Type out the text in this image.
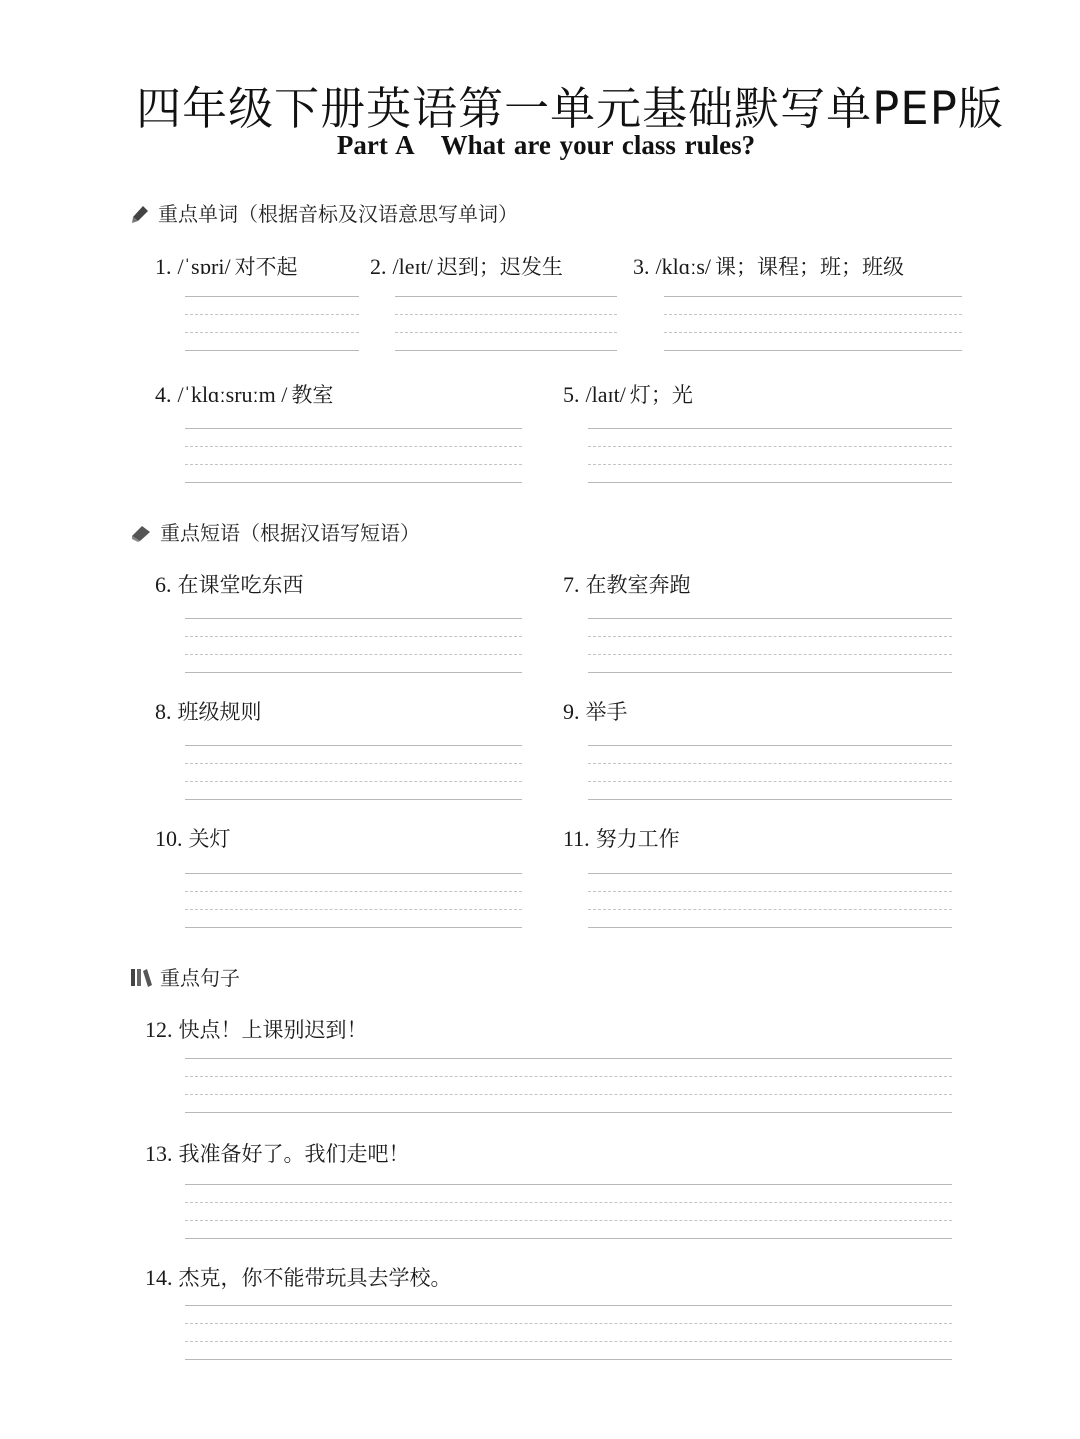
四年级下册英语第一单元基础默写单PEP版
Part A What are your class rules?
重点单词（根据音标及汉语意思写单词）
1. /ˈsɒri/ 对不起	2. /leɪt/ 迟到；迟发生	3. /klɑːs/ 课；课程；班；班级
4. /ˈklɑːsruːm / 教室	5. /laɪt/ 灯；光
重点短语（根据汉语写短语）
6. 在课堂吃东西	7. 在教室奔跑
8. 班级规则	9. 举手
10. 关灯	11. 努力工作
重点句子
12. 快点！上课别迟到！
13. 我准备好了。我们走吧！
14. 杰克，你不能带玩具去学校。
